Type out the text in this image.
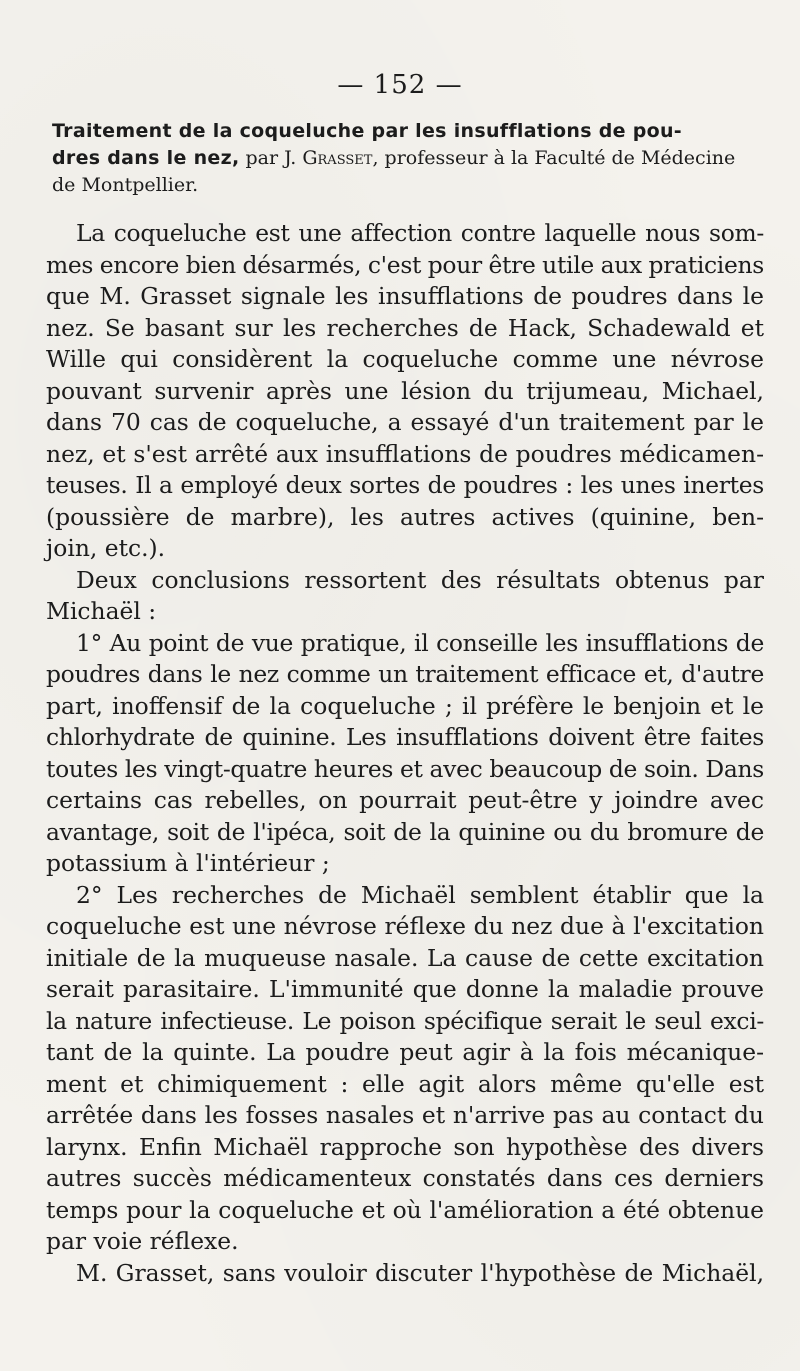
— 152 —
Traitement de la coqueluche par les insufflations de pou-
dres dans le nez, par J. Grasset, professeur à la Faculté de Médecine
de Montpellier.
La coqueluche est une affection contre laquelle nous som-
mes encore bien désarmés, c'est pour être utile aux praticiens
que M. Grasset signale les insufflations de poudres dans le
nez. Se basant sur les recherches de Hack, Schadewald et
Wille qui considèrent la coqueluche comme une névrose
pouvant survenir après une lésion du trijumeau, Michael,
dans 70 cas de coqueluche, a essayé d'un traitement par le
nez, et s'est arrêté aux insufflations de poudres médicamen-
teuses. Il a employé deux sortes de poudres : les unes inertes
(poussière de marbre), les autres actives (quinine, ben-
join, etc.).
Deux conclusions ressortent des résultats obtenus par
Michaël :
1° Au point de vue pratique, il conseille les insufflations de
poudres dans le nez comme un traitement efficace et, d'autre
part, inoffensif de la coqueluche ; il préfère le benjoin et le
chlorhydrate de quinine. Les insufflations doivent être faites
toutes les vingt-quatre heures et avec beaucoup de soin. Dans
certains cas rebelles, on pourrait peut-être y joindre avec
avantage, soit de l'ipéca, soit de la quinine ou du bromure de
potassium à l'intérieur ;
2° Les recherches de Michaël semblent établir que la
coqueluche est une névrose réflexe du nez due à l'excitation
initiale de la muqueuse nasale. La cause de cette excitation
serait parasitaire. L'immunité que donne la maladie prouve
la nature infectieuse. Le poison spécifique serait le seul exci-
tant de la quinte. La poudre peut agir à la fois mécanique-
ment et chimiquement : elle agit alors même qu'elle est
arrêtée dans les fosses nasales et n'arrive pas au contact du
larynx. Enfin Michaël rapproche son hypothèse des divers
autres succès médicamenteux constatés dans ces derniers
temps pour la coqueluche et où l'amélioration a été obtenue
par voie réflexe.
M. Grasset, sans vouloir discuter l'hypothèse de Michaël,
